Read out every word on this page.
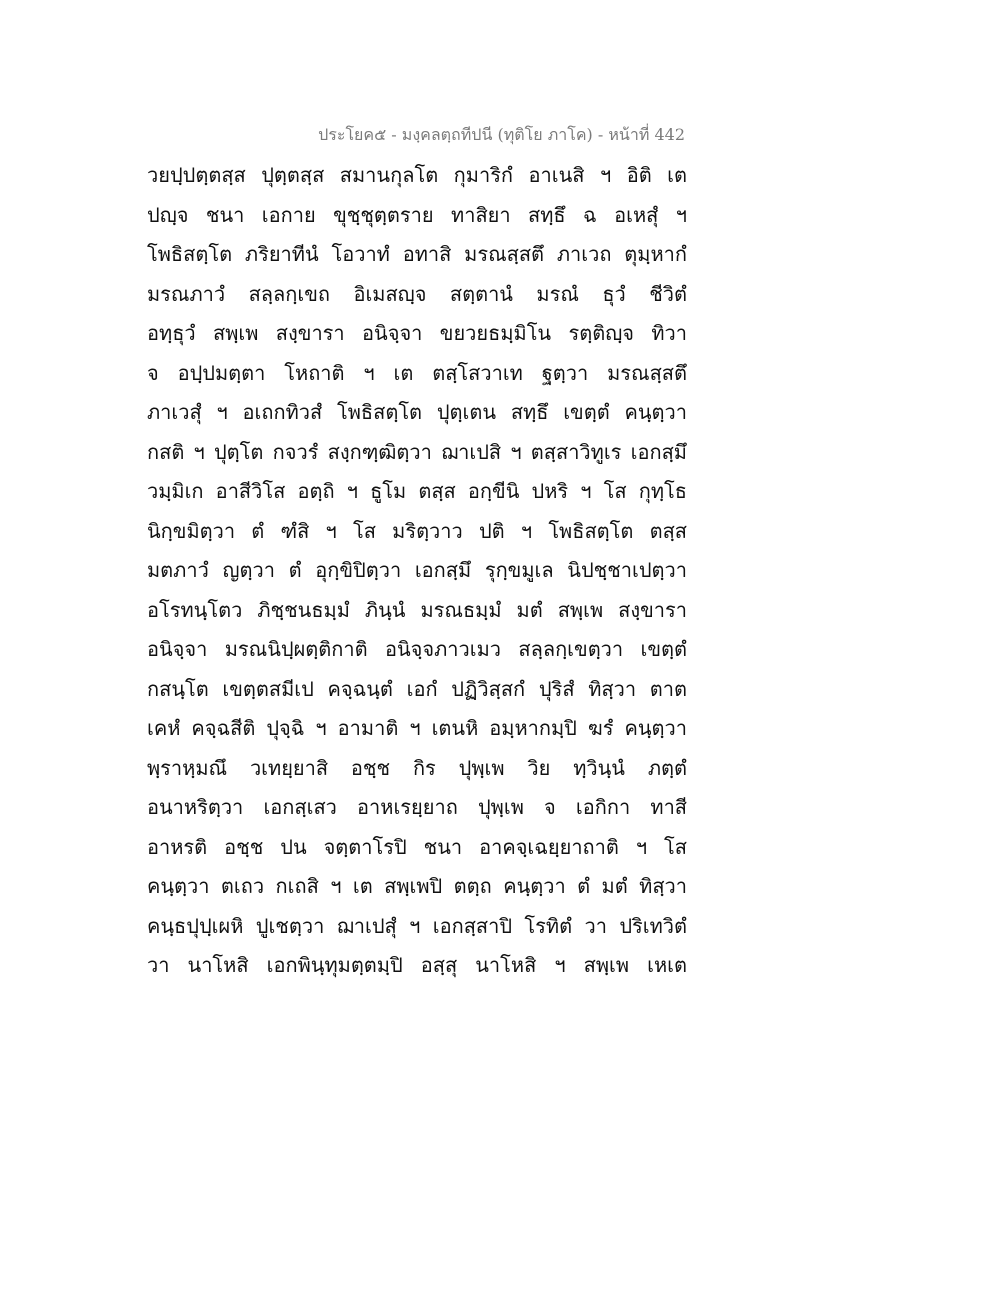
ประโยค๕ - มงฺคลตฺถทีปนี (ทุติโย ภาโค) - หน้าที่ 442
วยปฺปตฺตสฺส ปุตฺตสฺส สมานกุลโต กุมาริกํ อาเนสิ ฯ อิติ เต
ปญฺจ ชนา เอกาย ขุชฺชุตฺตราย ทาสิยา สทฺธึ ฉ อเหสุํ ฯ
โพธิสตฺโต ภริยาทีนํ โอวาทํ อทาสิ มรณสฺสตึ ภาเวถ ตุมฺหากํ
มรณภาวํ สลฺลกฺเขถ อิเมสญฺจ สตฺตานํ มรณํ ธุวํ ชีวิตํ
อทฺธุวํ สพฺเพ สงฺขารา อนิจฺจา ขยวยธมฺมิโน รตฺติญฺจ ทิวา
จ อปฺปมตฺตา โหถาติ ฯ เต ตสฺโสวาเท ฐตฺวา มรณสฺสตึ
ภาเวสุํ ฯ อเถกทิวสํ โพธิสตฺโต ปุตฺเตน สทฺธึ เขตฺตํ คนฺตฺวา
กสติ ฯ ปุตฺโต กจวรํ สงฺกฑฺฒิตฺวา ฌาเปสิ ฯ ตสฺสาวิทูเร เอกสฺมึ
วมฺมิเก อาสีวิโส อตฺถิ ฯ ธูโม ตสฺส อกฺขีนิ ปหริ ฯ โส กุทฺโธ
นิกฺขมิตฺวา ตํ ฑํสิ ฯ โส มริตฺวาว ปติ ฯ โพธิสตฺโต ตสฺส
มตภาวํ ญตฺวา ตํ อุกฺขิปิตฺวา เอกสฺมึ รุกฺขมูเล นิปชฺชาเปตฺวา
อโรทนฺโตว ภิชฺชนธมฺมํ ภินฺนํ มรณธมฺมํ มตํ สพฺเพ สงฺขารา
อนิจฺจา มรณนิปฺผตฺติกาติ อนิจฺจภาวเมว สลฺลกฺเขตฺวา เขตฺตํ
กสนฺโต เขตฺตสมีเป คจฺฉนฺตํ เอกํ ปฏิวิสฺสกํ ปุริสํ ทิสฺวา ตาต
เคหํ คจฺฉสีติ ปุจฺฉิ ฯ อามาติ ฯ เตนหิ อมฺหากมฺปิ ฆรํ คนฺตฺวา
พฺราหฺมณึ วเทยฺยาสิ อชฺช กิร ปุพฺเพ วิย ทฺวินฺนํ ภตฺตํ
อนาหริตฺวา เอกสฺเสว อาหเรยฺยาถ ปุพฺเพ จ เอกิกา ทาสี
อาหรติ อชฺช ปน จตฺตาโรปิ ชนา อาคจฺเฉยฺยาถาติ ฯ โส
คนฺตฺวา ตเถว กเถสิ ฯ เต สพฺเพปิ ตตฺถ คนฺตฺวา ตํ มตํ ทิสฺวา
คนฺธปุปฺเผหิ ปูเชตฺวา ฌาเปสุํ ฯ เอกสฺสาปิ โรทิตํ วา ปริเทวิตํ
วา นาโหสิ เอกพินฺทุมตฺตมฺปิ อสฺสุ นาโหสิ ฯ สพฺเพ เหเต
